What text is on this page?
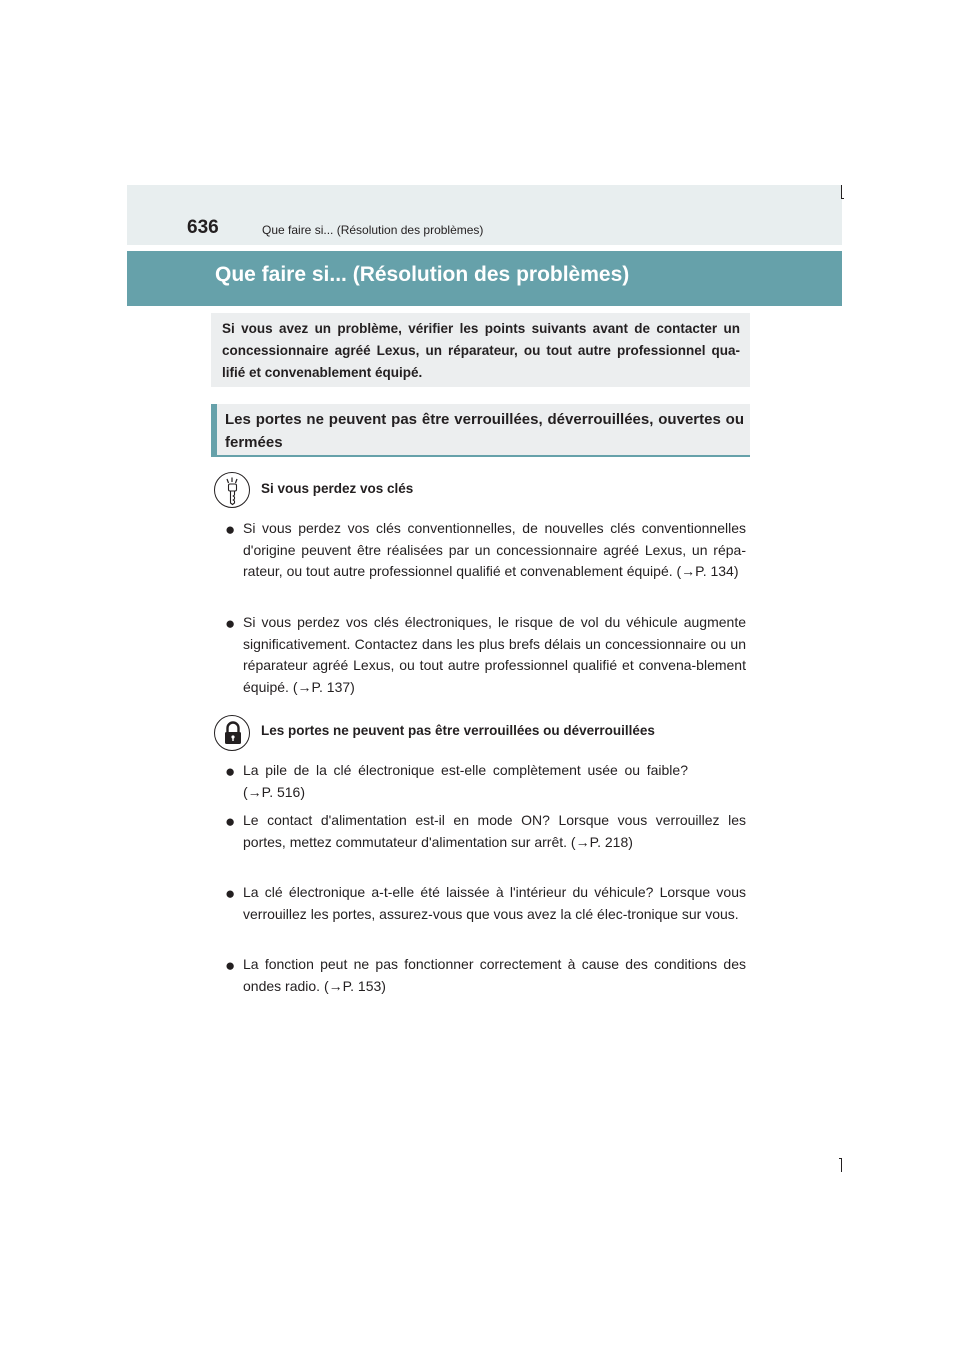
636	Que faire si... (Résolution des problèmes)
Que faire si... (Résolution des problèmes)
Si vous avez un problème, vérifier les points suivants avant de contacter un concessionnaire agréé Lexus, un réparateur, ou tout autre professionnel qua-lifié et convenablement équipé.
Les portes ne peuvent pas être verrouillées, déverrouillées, ouvertes ou fermées
Si vous perdez vos clés
● Si vous perdez vos clés conventionnelles, de nouvelles clés conventionnelles d'origine peuvent être réalisées par un concessionnaire agréé Lexus, un répa-rateur, ou tout autre professionnel qualifié et convenablement équipé. (→P. 134)
● Si vous perdez vos clés électroniques, le risque de vol du véhicule augmente significativement. Contactez dans les plus brefs délais un concessionnaire ou un réparateur agréé Lexus, ou tout autre professionnel qualifié et convena-blement équipé. (→P. 137)
Les portes ne peuvent pas être verrouillées ou déverrouillées
● La pile de la clé électronique est-elle complètement usée ou faible? (→P. 516)
● Le contact d'alimentation est-il en mode ON? Lorsque vous verrouillez les portes, mettez commutateur d'alimentation sur arrêt. (→P. 218)
● La clé électronique a-t-elle été laissée à l'intérieur du véhicule? Lorsque vous verrouillez les portes, assurez-vous que vous avez la clé élec-tronique sur vous.
● La fonction peut ne pas fonctionner correctement à cause des conditions des ondes radio. (→P. 153)
